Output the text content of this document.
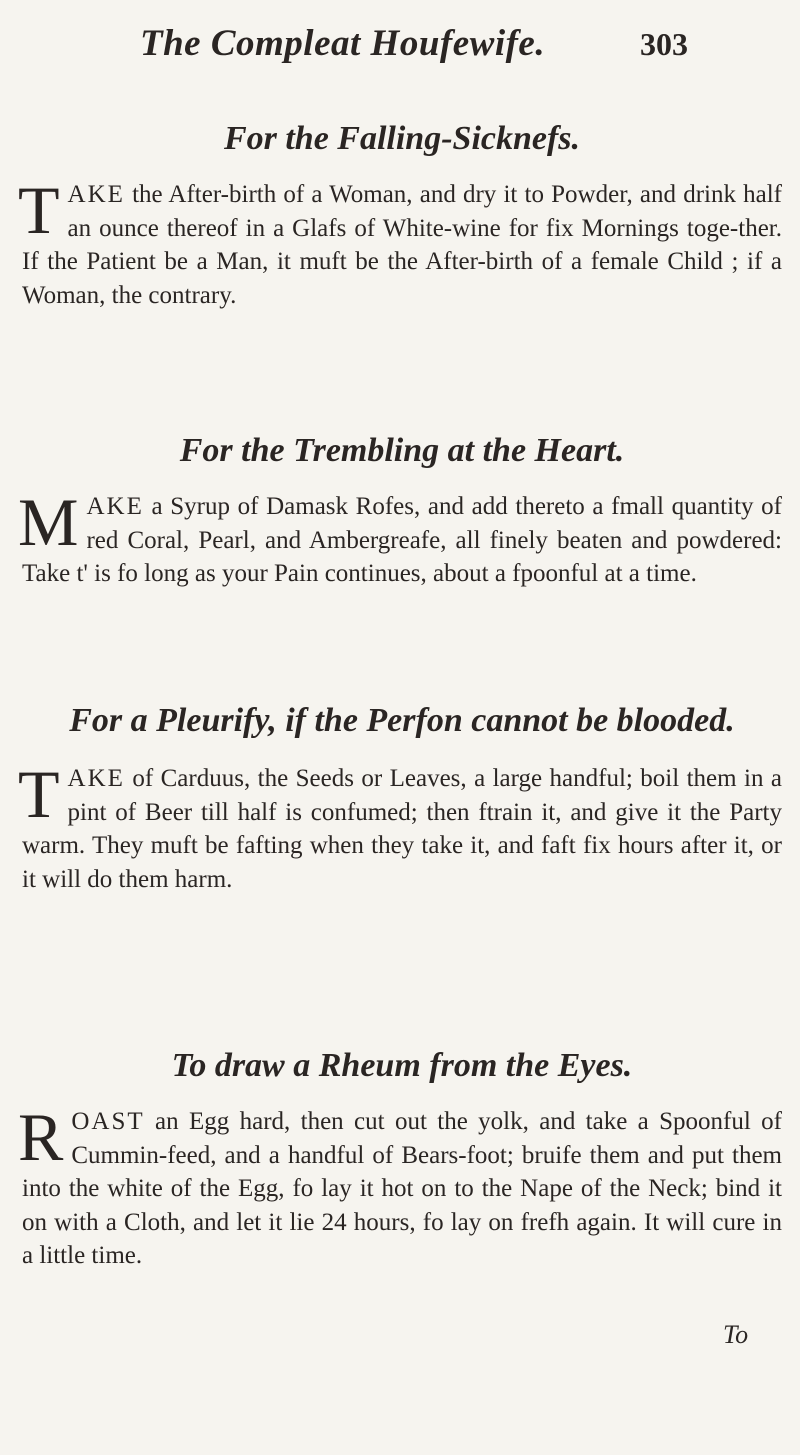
The Compleat Houfewife.	303
For the Falling-Sicknefs.

TAKE the After-birth of a Woman, and dry it to Powder, and drink half an ounce thereof in a Glafs of White-wine for fix Mornings toge-ther. If the Patient be a Man, it muft be the After-birth of a female Child ; if a Woman, the contrary.

For the Trembling at the Heart.

MAKE a Syrup of Damask Rofes, and add thereto a fmall quantity of red Coral, Pearl, and Ambergreafe, all finely beaten and powdered: Take t' is fo long as your Pain continues, about a fpoonful at a time.

For a Pleurify, if the Perfon cannot be blooded.

TAKE of Carduus, the Seeds or Leaves, a large handful; boil them in a pint of Beer till half is confumed; then ftrain it, and give it the Party warm. They muft be fafting when they take it, and faft fix hours after it, or it will do them harm.

To draw a Rheum from the Eyes.

ROAST an Egg hard, then cut out the yolk, and take a Spoonful of Cummin-feed, and a handful of Bears-foot; bruife them and put them into the white of the Egg, fo lay it hot on to the Nape of the Neck; bind it on with a Cloth, and let it lie 24 hours, fo lay on frefh again. It will cure in a little time.

To
